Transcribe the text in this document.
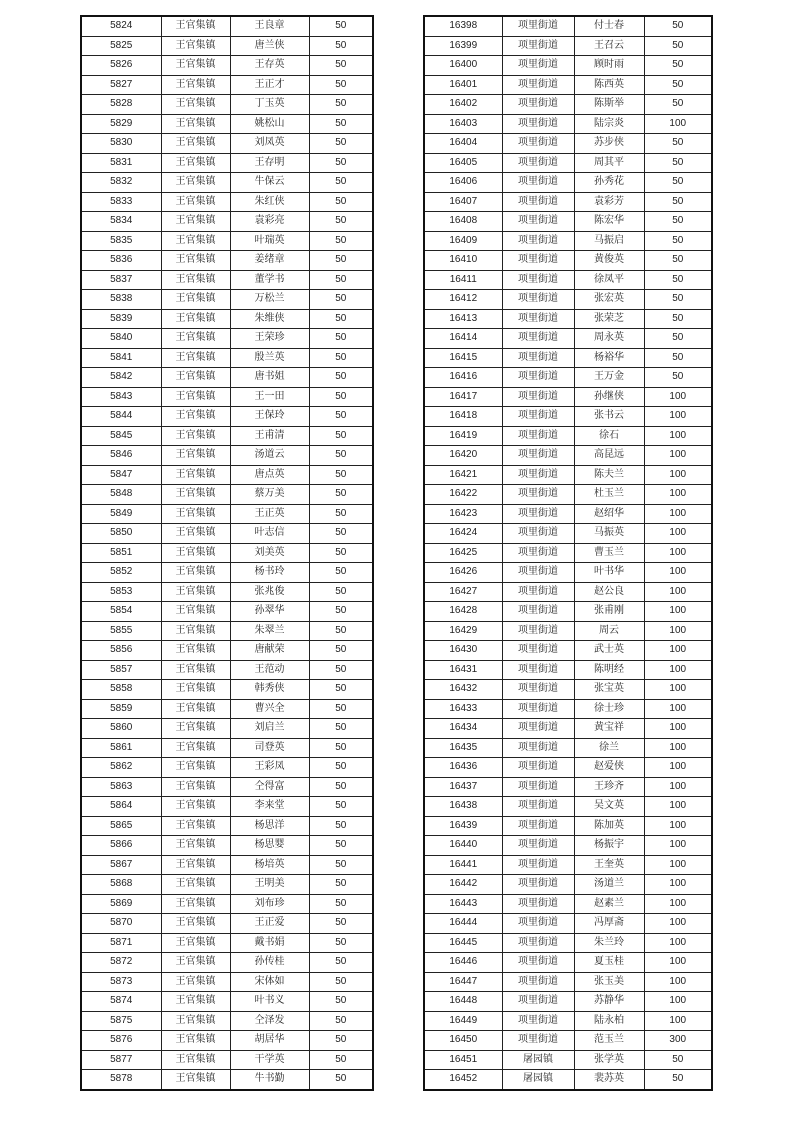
5824	王官集镇	王良章	50
5825	王官集镇	唐兰侠	50
5826	王官集镇	王存英	50
5827	王官集镇	王正才	50
5828	王官集镇	丁玉英	50
5829	王官集镇	姚松山	50
5830	王官集镇	刘凤英	50
5831	王官集镇	王存明	50
5832	王官集镇	牛保云	50
5833	王官集镇	朱红侠	50
5834	王官集镇	袁彩亮	50
5835	王官集镇	叶瑞英	50
5836	王官集镇	姜绪章	50
5837	王官集镇	董学书	50
5838	王官集镇	万松兰	50
5839	王官集镇	朱维侠	50
5840	王官集镇	王荣珍	50
5841	王官集镇	殷兰英	50
5842	王官集镇	唐书姐	50
5843	王官集镇	王一田	50
5844	王官集镇	王保玲	50
5845	王官集镇	王甫清	50
5846	王官集镇	汤道云	50
5847	王官集镇	唐点英	50
5848	王官集镇	蔡万美	50
5849	王官集镇	王正英	50
5850	王官集镇	叶志信	50
5851	王官集镇	刘美英	50
5852	王官集镇	杨书玲	50
5853	王官集镇	张兆俊	50
5854	王官集镇	孙翠华	50
5855	王官集镇	朱翠兰	50
5856	王官集镇	唐献荣	50
5857	王官集镇	王范动	50
5858	王官集镇	韩秀侠	50
5859	王官集镇	曹兴全	50
5860	王官集镇	刘启兰	50
5861	王官集镇	司登英	50
5862	王官集镇	王彩凤	50
5863	王官集镇	仝得富	50
5864	王官集镇	李来堂	50
5865	王官集镇	杨思洋	50
5866	王官集镇	杨思婴	50
5867	王官集镇	杨培英	50
5868	王官集镇	王明美	50
5869	王官集镇	刘布珍	50
5870	王官集镇	王正爱	50
5871	王官集镇	戴书娟	50
5872	王官集镇	孙传桂	50
5873	王官集镇	宋体如	50
5874	王官集镇	叶书义	50
5875	王官集镇	仝泽发	50
5876	王官集镇	胡居华	50
5877	王官集镇	干学英	50
5878	王官集镇	牛书勤	50
16398	项里街道	付士春	50
16399	项里街道	王召云	50
16400	项里街道	顾时雨	50
16401	项里街道	陈西英	50
16402	项里街道	陈斯举	50
16403	项里街道	陆宗炎	100
16404	项里街道	苏步侠	50
16405	项里街道	周其平	50
16406	项里街道	孙秀花	50
16407	项里街道	袁彩芳	50
16408	项里街道	陈宏华	50
16409	项里街道	马振启	50
16410	项里街道	黄俊英	50
16411	项里街道	徐凤平	50
16412	项里街道	张宏英	50
16413	项里街道	张荣芝	50
16414	项里街道	周永英	50
16415	项里街道	杨裕华	50
16416	项里街道	王万金	50
16417	项里街道	孙继侠	100
16418	项里街道	张书云	100
16419	项里街道	徐石	100
16420	项里街道	高昆远	100
16421	项里街道	陈夫兰	100
16422	项里街道	杜玉兰	100
16423	项里街道	赵绍华	100
16424	项里街道	马振英	100
16425	项里街道	曹玉兰	100
16426	项里街道	叶书华	100
16427	项里街道	赵公良	100
16428	项里街道	张甫刚	100
16429	项里街道	周云	100
16430	项里街道	武士英	100
16431	项里街道	陈明经	100
16432	项里街道	张宝英	100
16433	项里街道	徐士珍	100
16434	项里街道	黄宝祥	100
16435	项里街道	徐兰	100
16436	项里街道	赵爱侠	100
16437	项里街道	王珍齐	100
16438	项里街道	吴文英	100
16439	项里街道	陈加英	100
16440	项里街道	杨振宇	100
16441	项里街道	王奎英	100
16442	项里街道	汤道兰	100
16443	项里街道	赵素兰	100
16444	项里街道	冯厚斋	100
16445	项里街道	朱兰玲	100
16446	项里街道	夏玉桂	100
16447	项里街道	张玉美	100
16448	项里街道	苏静华	100
16449	项里街道	陆永柏	100
16450	项里街道	范玉兰	300
16451	屠园镇	张学英	50
16452	屠园镇	裴苏英	50
